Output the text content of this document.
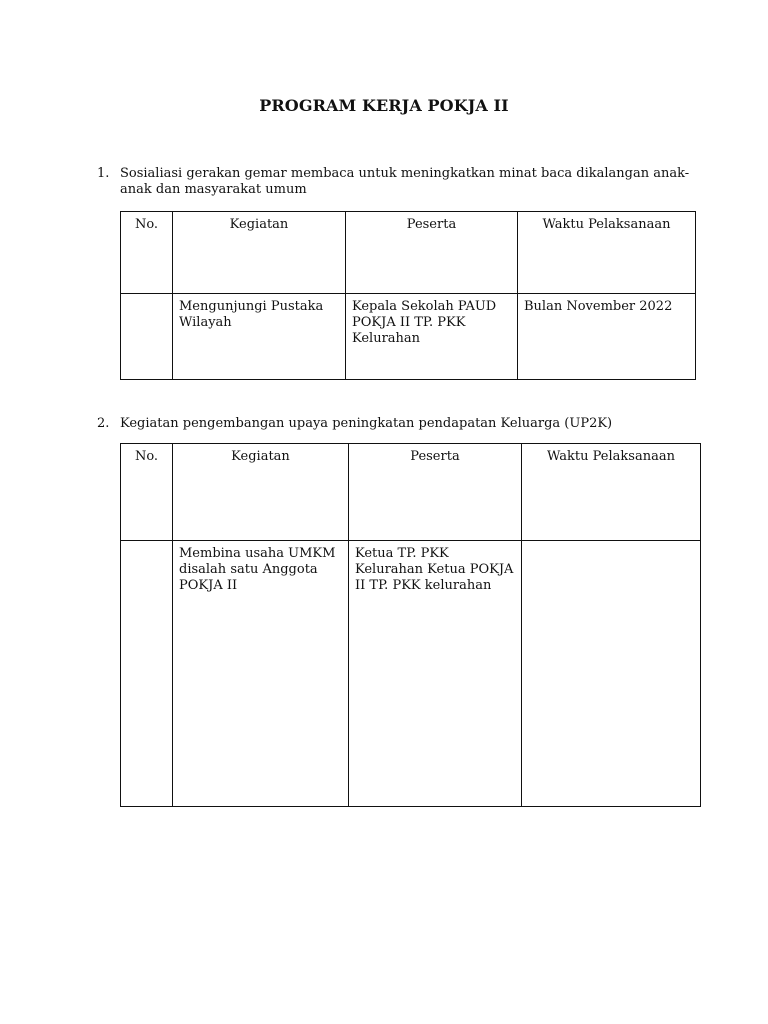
PROGRAM KERJA POKJA II
1. Sosialiasi gerakan gemar membaca untuk meningkatkan minat baca dikalangan anak-anak dan masyarakat umum
No.	Kegiatan	Peserta	Waktu Pelaksanaan
	Mengunjungi Pustaka Wilayah	Kepala Sekolah PAUD POKJA II TP. PKK Kelurahan	Bulan November 2022
2. Kegiatan pengembangan upaya peningkatan pendapatan Keluarga (UP2K)
No.	Kegiatan	Peserta	Waktu Pelaksanaan
	Membina usaha UMKM disalah satu Anggota POKJA II	Ketua TP. PKK Kelurahan Ketua POKJA II TP. PKK kelurahan	
